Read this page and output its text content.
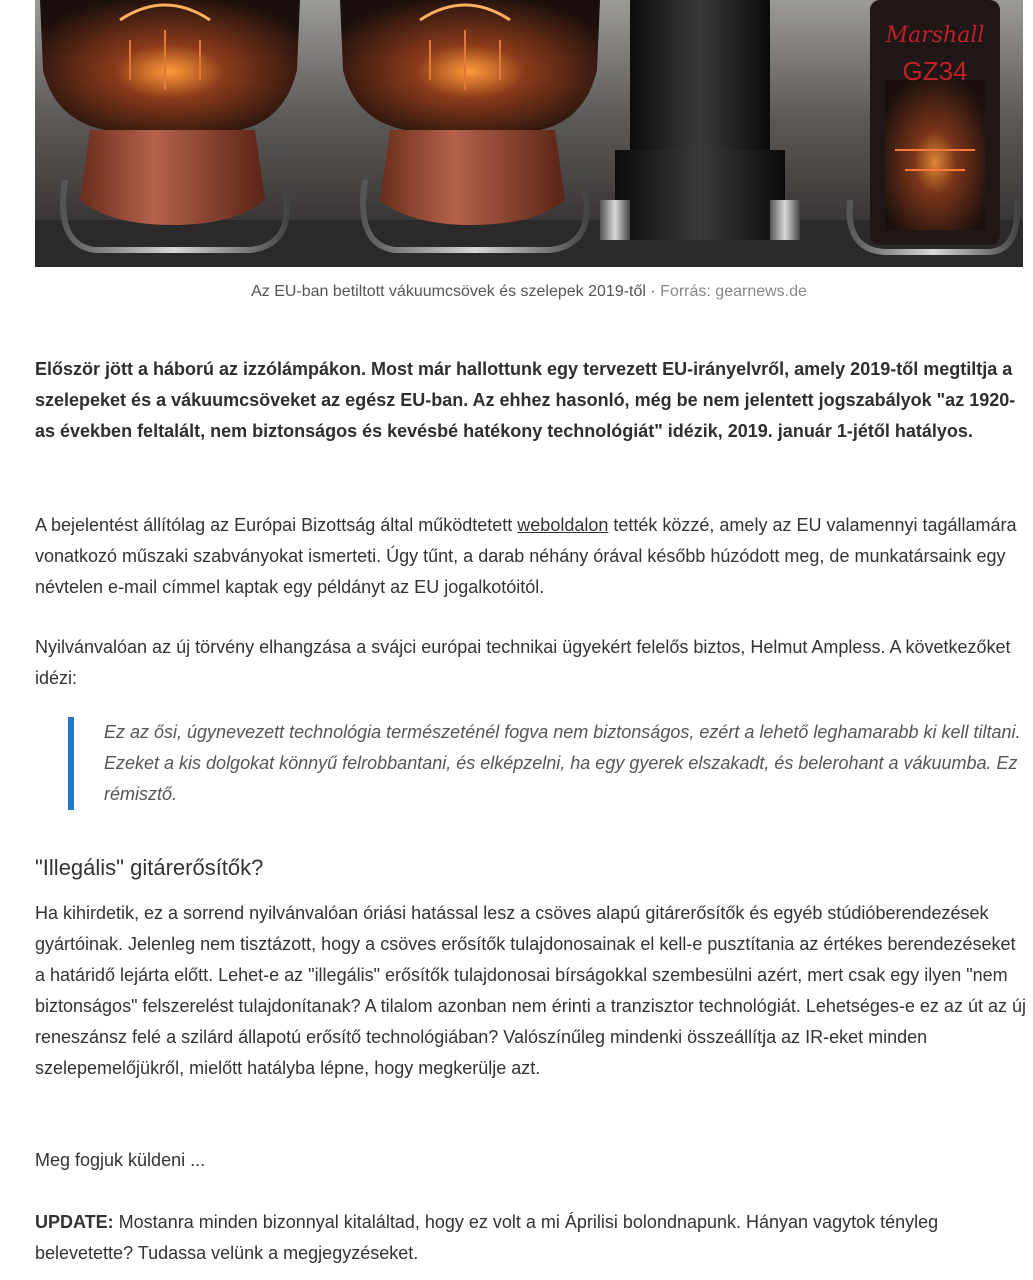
Marshall
GZ34
Az EU-ban betiltott vákuumcsövek és szelepek 2019-től · Forrás: gearnews.de

Először jött a háború az izzólámpákon. Most már hallottunk egy tervezett EU-irányelvről, amely 2019-től megtiltja a szelepeket és a vákuumcsöveket az egész EU-ban. Az ehhez hasonló, még be nem jelentett jogszabályok "az 1920-as években feltalált, nem biztonságos és kevésbé hatékony technológiát" idézik, 2019. január 1-jétől hatályos.

A bejelentést állítólag az Európai Bizottság által működtetett weboldalon tették közzé, amely az EU valamennyi tagállamára vonatkozó műszaki szabványokat ismerteti. Úgy tűnt, a darab néhány órával később húzódott meg, de munkatársaink egy névtelen e-mail címmel kaptak egy példányt az EU jogalkotóitól.

Nyilvánvalóan az új törvény elhangzása a svájci európai technikai ügyekért felelős biztos, Helmut Ampless. A következőket idézi:

Ez az ősi, úgynevezett technológia természeténél fogva nem biztonságos, ezért a lehető leghamarabb ki kell tiltani. Ezeket a kis dolgokat könnyű felrobbantani, és elképzelni, ha egy gyerek elszakadt, és belerohant a vákuumba. Ez rémisztő.
"Illegális" gitárerősítők?

Ha kihirdetik, ez a sorrend nyilvánvalóan óriási hatással lesz a csöves alapú gitárerősítők és egyéb stúdióberendezések gyártóinak. Jelenleg nem tisztázott, hogy a csöves erősítők tulajdonosainak el kell-e pusztítania az értékes berendezéseket a határidő lejárta előtt. Lehet-e az "illegális" erősítők tulajdonosai bírságokkal szembesülni azért, mert csak egy ilyen "nem biztonságos" felszerelést tulajdonítanak? A tilalom azonban nem érinti a tranzisztor technológiát. Lehetséges-e ez az út az új reneszánsz felé a szilárd állapotú erősítő technológiában? Valószínűleg mindenki összeállítja az IR-eket minden szelepemelőjükről, mielőtt hatályba lépne, hogy megkerülje azt.

Meg fogjuk küldeni ...

UPDATE: Mostanra minden bizonnyal kitaláltad, hogy ez volt a mi Áprilisi bolondnapunk. Hányan vagytok tényleg belevetette? Tudassa velünk a megjegyzéseket.
